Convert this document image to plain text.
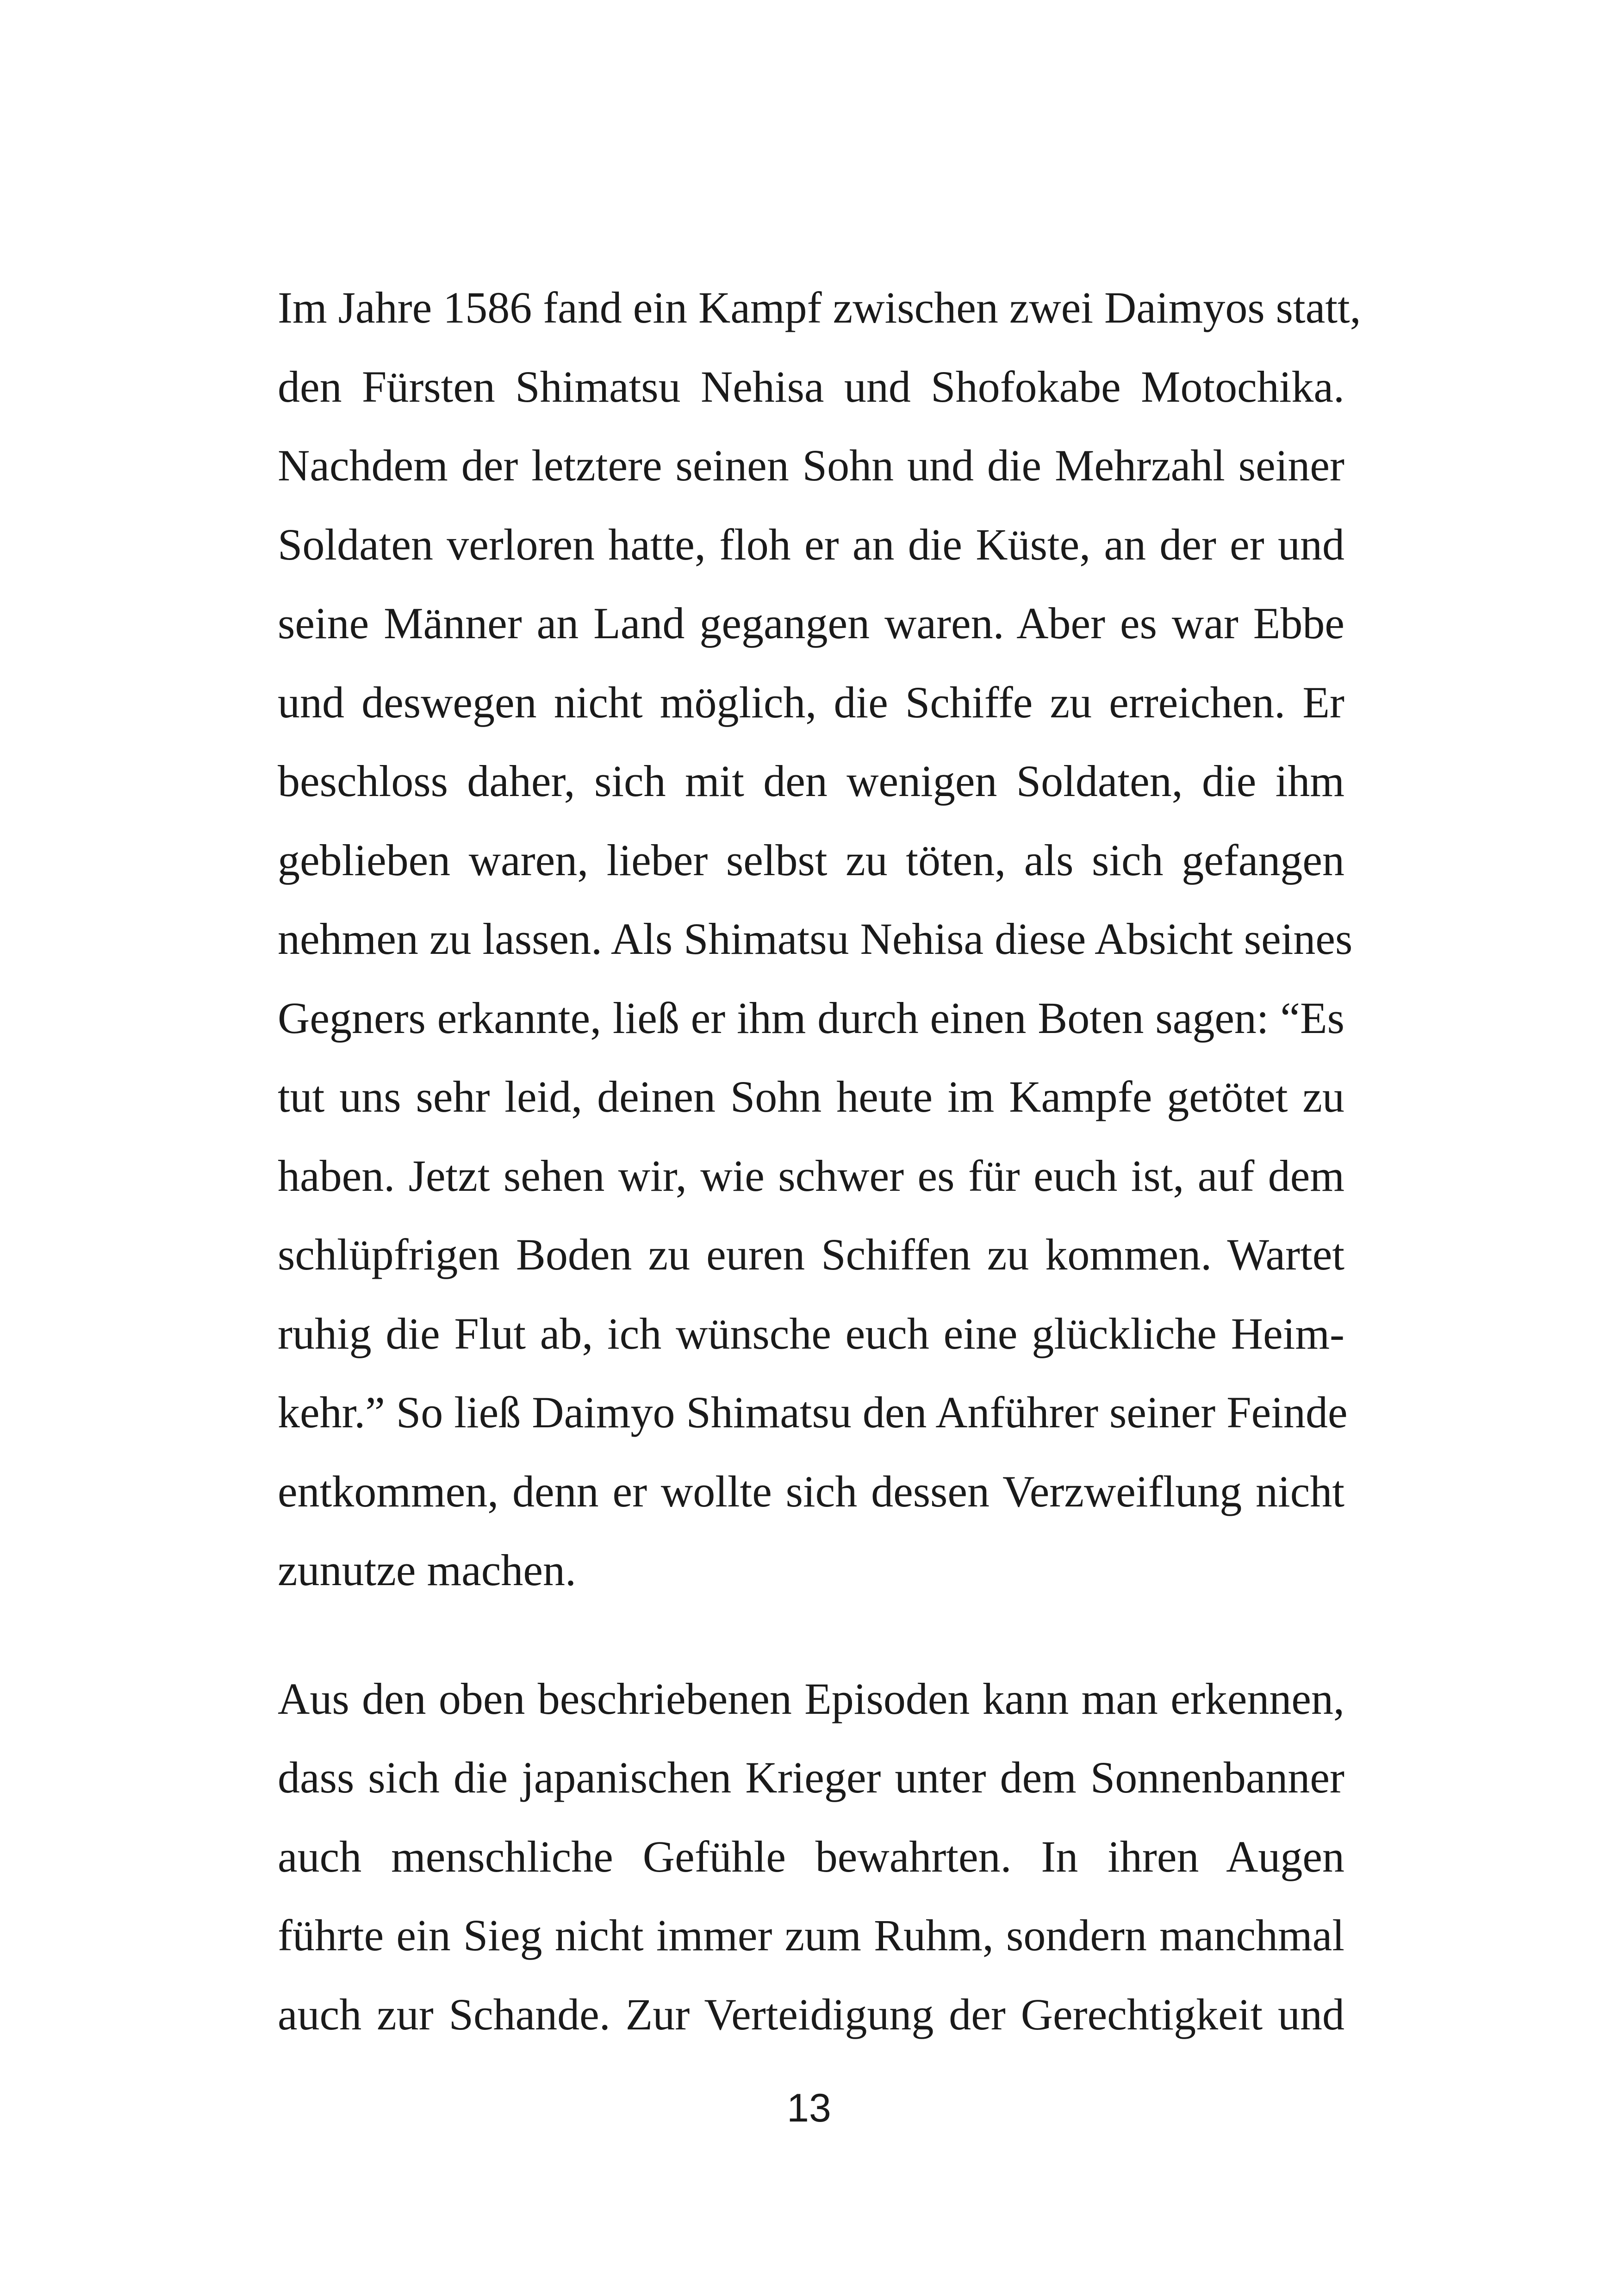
Im Jahre 1586 fand ein Kampf zwischen zwei Daimyos statt,
den Fürsten Shimatsu Nehisa und Shofokabe Motochika.
Nachdem der letztere seinen Sohn und die Mehrzahl seiner
Soldaten verloren hatte, floh er an die Küste, an der er und
seine Männer an Land gegangen waren. Aber es war Ebbe
und deswegen nicht möglich, die Schiffe zu erreichen. Er
beschloss daher, sich mit den wenigen Soldaten, die ihm
geblieben waren, lieber selbst zu töten, als sich gefangen
nehmen zu lassen. Als Shimatsu Nehisa diese Absicht seines
Gegners erkannte, ließ er ihm durch einen Boten sagen: “Es
tut uns sehr leid, deinen Sohn heute im Kampfe getötet zu
haben. Jetzt sehen wir, wie schwer es für euch ist, auf dem
schlüpfrigen Boden zu euren Schiffen zu kommen. Wartet
ruhig die Flut ab, ich wünsche euch eine glückliche Heim-
kehr.” So ließ Daimyo Shimatsu den Anführer seiner Feinde
entkommen, denn er wollte sich dessen Verzweiflung nicht
zunutze machen.

Aus den oben beschriebenen Episoden kann man erkennen,
dass sich die japanischen Krieger unter dem Sonnenbanner
auch menschliche Gefühle bewahrten. In ihren Augen
führte ein Sieg nicht immer zum Ruhm, sondern manchmal
auch zur Schande. Zur Verteidigung der Gerechtigkeit und

13
